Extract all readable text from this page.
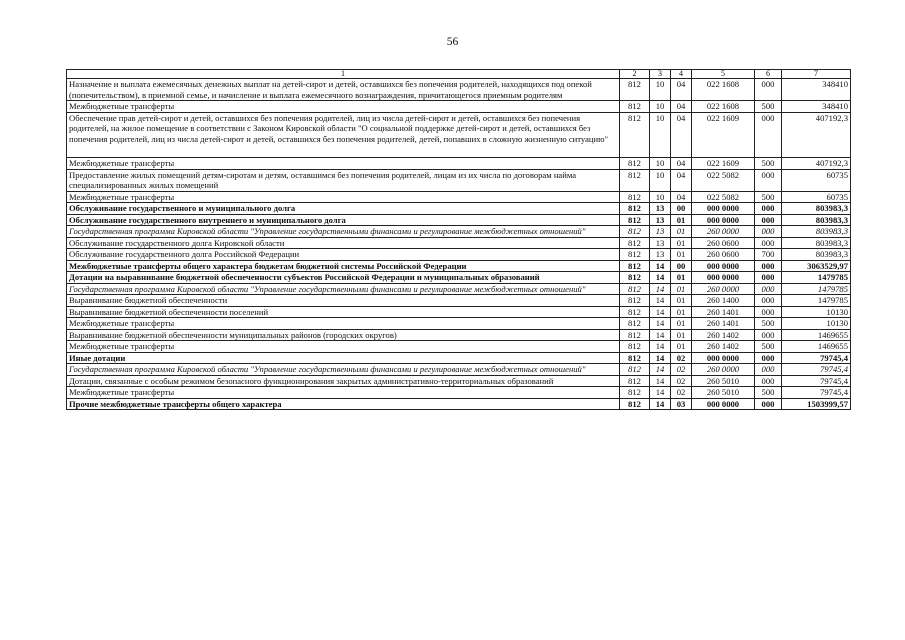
56
1	2	3	4	5	6	7
Назначение и выплата ежемесячных денежных выплат на детей-сирот и детей, оставшихся без попечения родителей, находящихся под опекой (попечительством), в приемной семье, и начисление и выплата ежемесячного вознаграждения, причитающегося приемным родителям	812	10	04	022 1608	000	348410
Межбюджетные трансферты	812	10	04	022 1608	500	348410
Обеспечение прав детей-сирот и детей, оставшихся без попечения родителей, лиц из числа детей-сирот и детей, оставшихся без попечения родителей, на жилое помещение в соответствии с Законом Кировской области "О социальной поддержке детей-сирот и детей, оставшихся без попечения родителей, лиц из числа детей-сирот и детей, оставшихся без попечения родителей, детей, попавших в сложную жизненную ситуацию"	812	10	04	022 1609	000	407192,3
Межбюджетные трансферты	812	10	04	022 1609	500	407192,3
Предоставление жилых помещений детям-сиротам и детям, оставшимся без попечения родителей, лицам из их числа по договорам найма специализированных жилых помещений	812	10	04	022 5082	000	60735
Межбюджетные трансферты	812	10	04	022 5082	500	60735
Обслуживание государственного и муниципального долга	812	13	00	000 0000	000	803983,3
Обслуживание государственного внутреннего и муниципального долга	812	13	01	000 0000	000	803983,3
Государственная программа Кировской области "Управление государственными финансами и регулирование межбюджетных отношений"	812	13	01	260 0000	000	803983,3
Обслуживание государственного долга Кировской области	812	13	01	260 0600	000	803983,3
Обслуживание государственного долга Российской Федерации	812	13	01	260 0600	700	803983,3
Межбюджетные трансферты общего характера бюджетам бюджетной системы Российской Федерации	812	14	00	000 0000	000	3063529,97
Дотации на выравнивание бюджетной обеспеченности субъектов Российской Федерации и муниципальных образований	812	14	01	000 0000	000	1479785
Государственная программа Кировской области "Управление государственными финансами и регулирование межбюджетных отношений"	812	14	01	260 0000	000	1479785
Выравнивание бюджетной обеспеченности	812	14	01	260 1400	000	1479785
Выравнивание бюджетной обеспеченности поселений	812	14	01	260 1401	000	10130
Межбюджетные трансферты	812	14	01	260 1401	500	10130
Выравнивание бюджетной обеспеченности муниципальных районов (городских округов)	812	14	01	260 1402	000	1469655
Межбюджетные трансферты	812	14	01	260 1402	500	1469655
Иные дотации	812	14	02	000 0000	000	79745,4
Государственная программа Кировской области "Управление государственными финансами и регулирование межбюджетных отношений"	812	14	02	260 0000	000	79745,4
Дотации, связанные с особым режимом безопасного функционирования закрытых административно-территориальных образований	812	14	02	260 5010	000	79745,4
Межбюджетные трансферты	812	14	02	260 5010	500	79745,4
Прочие межбюджетные трансферты общего характера	812	14	03	000 0000	000	1503999,57
